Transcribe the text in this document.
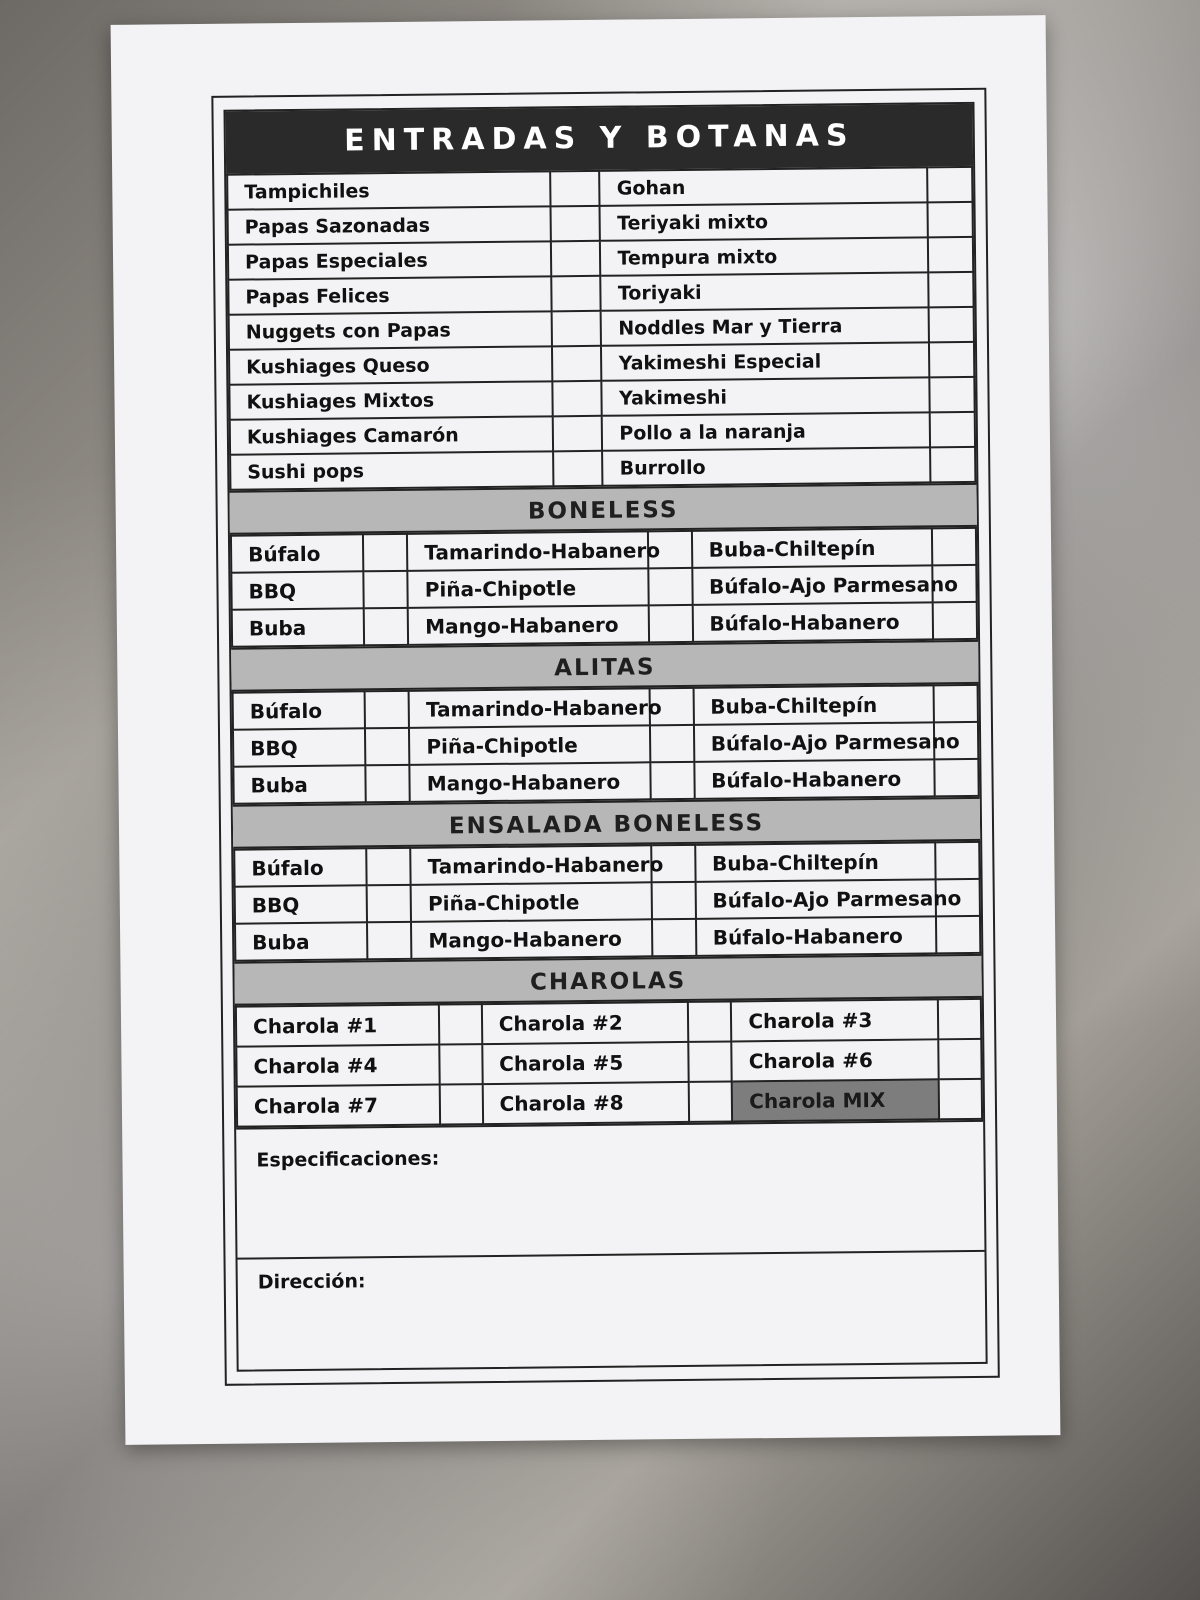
ENTRADAS Y BOTANAS
Tampichiles		Gohan	
Papas Sazonadas		Teriyaki mixto	
Papas Especiales		Tempura mixto	
Papas Felices		Toriyaki	
Nuggets con Papas		Noddles Mar y Tierra	
Kushiages Queso		Yakimeshi Especial	
Kushiages Mixtos		Yakimeshi	
Kushiages Camarón		Pollo a la naranja	
Sushi pops		Burrollo	
BONELESS
Búfalo		Tamarindo-Habanero		Buba-Chiltepín	
BBQ		Piña-Chipotle		Búfalo-Ajo Parmesano	
Buba		Mango-Habanero		Búfalo-Habanero	
ALITAS
Búfalo		Tamarindo-Habanero		Buba-Chiltepín	
BBQ		Piña-Chipotle		Búfalo-Ajo Parmesano	
Buba		Mango-Habanero		Búfalo-Habanero	
ENSALADA BONELESS
Búfalo		Tamarindo-Habanero		Buba-Chiltepín	
BBQ		Piña-Chipotle		Búfalo-Ajo Parmesano	
Buba		Mango-Habanero		Búfalo-Habanero	
CHAROLAS
Charola #1		Charola #2		Charola #3	
Charola #4		Charola #5		Charola #6	
Charola #7		Charola #8		Charola MIX	
Especificaciones:
Dirección:
